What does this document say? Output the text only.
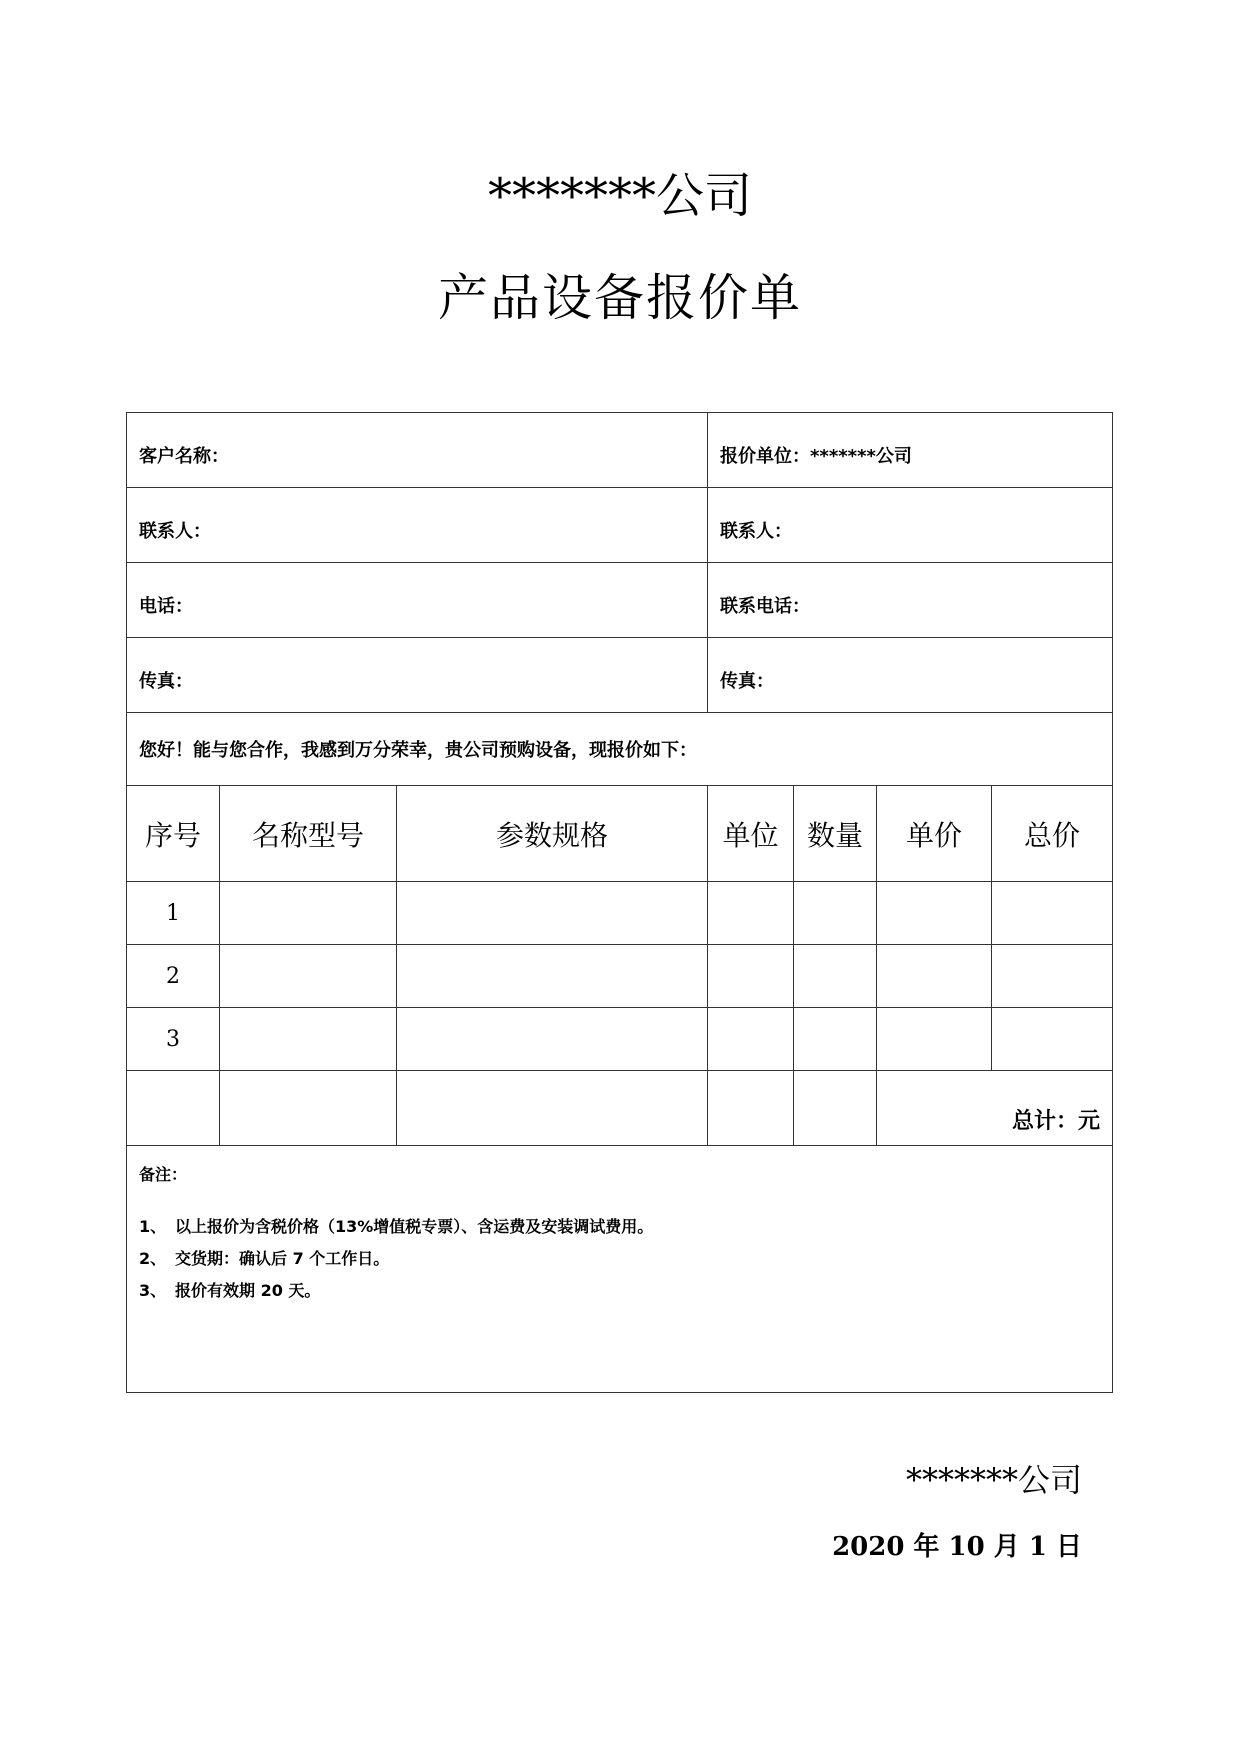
*******公司
产品设备报价单
客户名称：			报价单位：*******公司			
联系人：			联系人：			
电话：			联系电话：			
传真：			传真：			
您好！能与您合作，我感到万分荣幸，贵公司预购设备，现报价如下：						
序号	名称型号	参数规格	单位	数量	单价	总价
1						
2						
3						
					总计：元	

备注：
1、 以上报价为含税价格（13%增值税专票）、含运费及安装调试费用。
2、 交货期：确认后 7 个工作日。
3、 报价有效期 20 天。						
*******公司
2020 年 10 月 1 日
